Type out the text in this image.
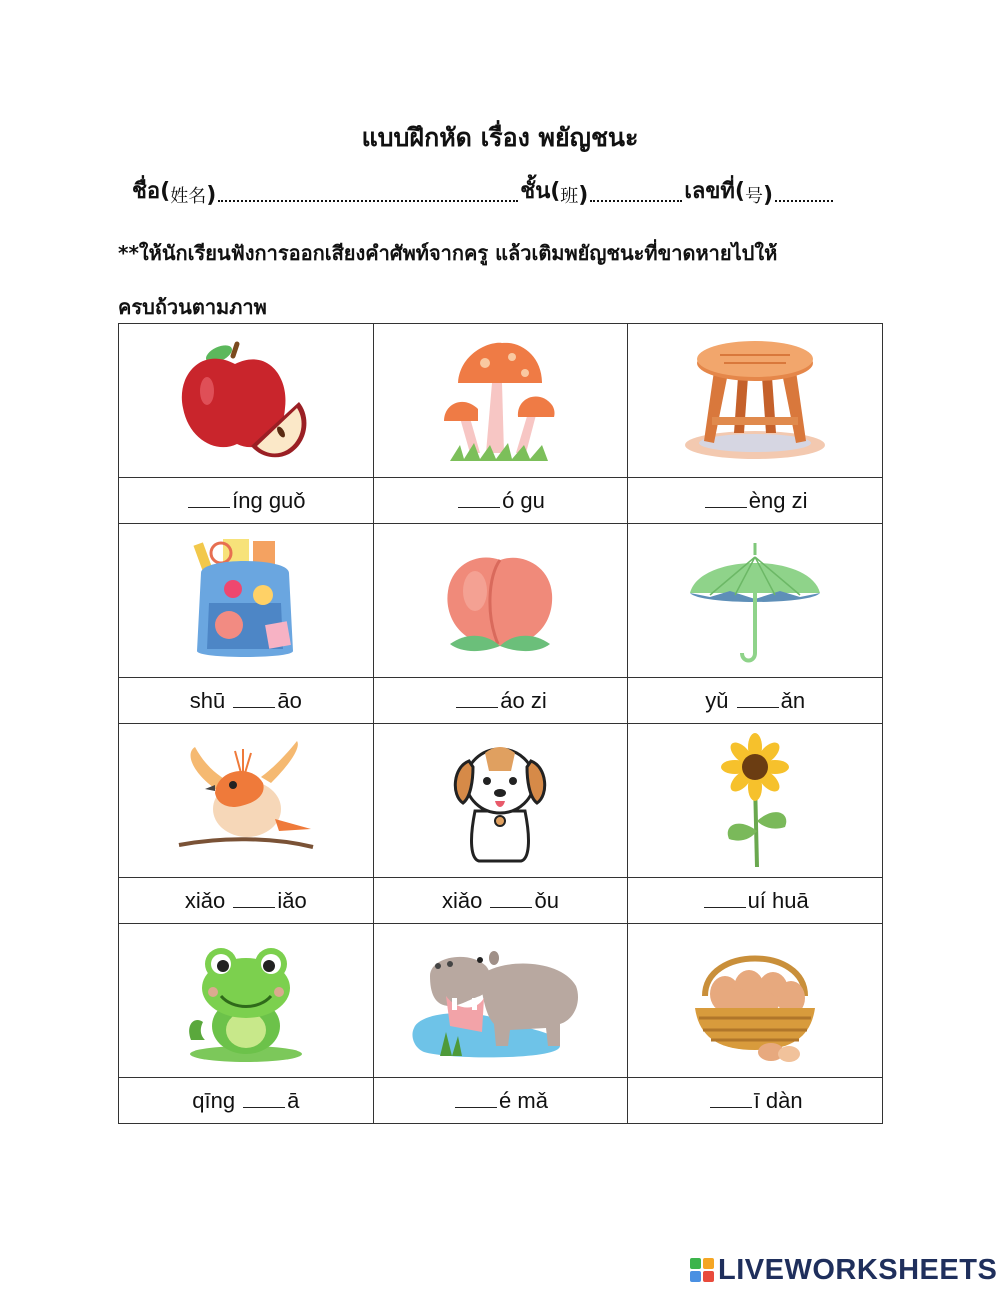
แบบฝึกหัด เรื่อง พยัญชนะ
ชื่อ( 姓名 )	ชั้น( 班 )	เลขที่( 号 )
**ให้นักเรียนฟังการออกเสียงคำศัพท์จากครู แล้วเติมพยัญชนะที่ขาดหายไปให้
ครบถ้วนตามภาพ

íng guǒ	ó gu	èng zi

shū āo	áo zi	yǔ ǎn

xiǎo iǎo	xiǎo ǒu	uí huā

qīng ā	é mǎ	ī dàn
LIVEWORKSHEETS
